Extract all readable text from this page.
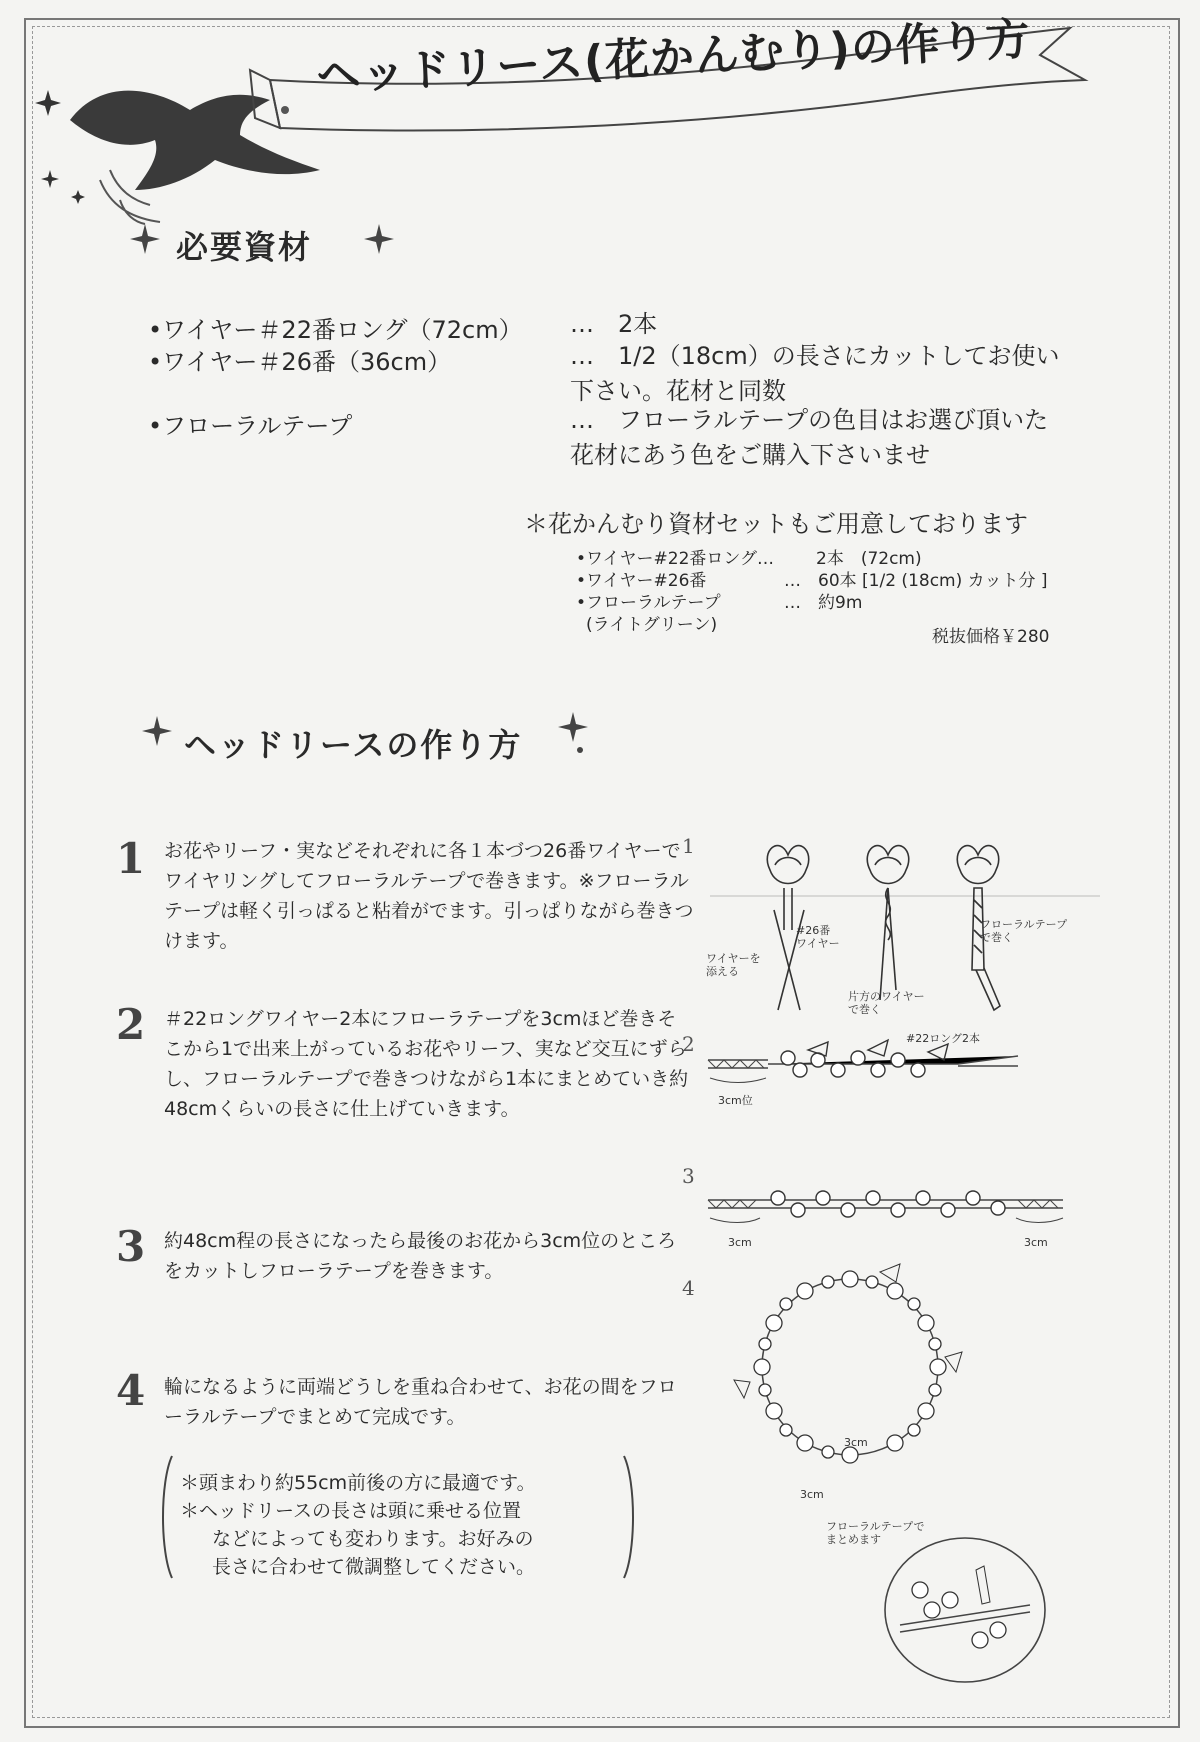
ヘッドリース(花かんむり)の作り方
必要資材
•ワイヤー＃22番ロング（72cm） …　2本
•ワイヤー＃26番（36cm）	…　1/2（18cm）の長さにカットしてお使い下さい。花材と同数
•フローラルテープ	…　フローラルテープの色目はお選び頂いた花材にあう色をご購入下さいませ
＊花かんむり資材セットもご用意しております
•ワイヤー#22番ロング… 2本　(72cm)
•ワイヤー#26番	…　60本 [1/2 (18cm) カット分 ]
•フローラルテープ	…　約9m
(ライトグリーン)
税抜価格￥280
ヘッドリースの作り方
1 お花やリーフ・実などそれぞれに各１本づつ26番ワイヤーでワイヤリングしてフローラルテープで巻きます。※フローラルテープは軽く引っぱると粘着がでます。引っぱりながら巻きつけます。
2 ＃22ロングワイヤー2本にフローラテープを3cmほど巻きそこから1で出来上がっているお花やリーフ、実など交互にずらし、フローラルテープで巻きつけながら1本にまとめていき約48cmくらいの長さに仕上げていきます。
3 約48cm程の長さになったら最後のお花から3cm位のところをカットしフローラテープを巻きます。
4 輪になるように両端どうしを重ね合わせて、お花の間をフローラルテープでまとめて完成です。
＊頭まわり約55cm前後の方に最適です。
＊ヘッドリースの長さは頭に乗せる位置
などによっても変わります。お好みの
長さに合わせて微調整してください。
1
2
3
4
#26番
ワイヤー
ワイヤーを
添える
片方のワイヤー
で巻く
フローラルテープ
で巻く
#22ロング2本
3cm位
3cm	3cm
3cm
3cm
フローラルテープで
まとめます
